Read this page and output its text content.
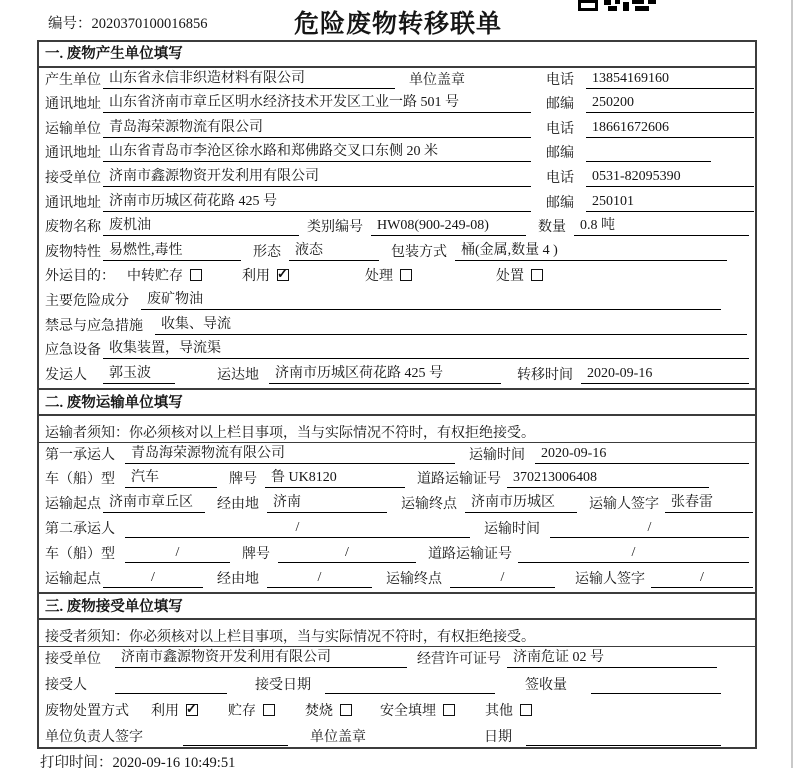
编号：2020370100016856	危险废物转移联单
一. 废物产生单位填写
产生单位 山东省永信非织造材料有限公司	单位盖章	电话	13854169160
通讯地址 山东省济南市章丘区明水经济技术开发区工业一路 501 号	邮编	250200
运输单位 青岛海荣源物流有限公司	电话	18661672606
通讯地址 山东省青岛市李沧区徐水路和郑佛路交叉口东侧 20 米	邮编
接受单位 济南市鑫源物资开发利用有限公司	电话	0531-82095390
通讯地址 济南市历城区荷花路 425 号	邮编	250101
废物名称 废机油	类别编号	HW08(900-249-08)	数量	0.8 吨
废物特性 易燃性,毒性	形态	液态	包装方式	桶(金属,数量 4 )
外运目的： 中转贮存	利用 ✓	处理	处置
主要危险成分	废矿物油
禁忌与应急措施	收集、导流
应急设备 收集装置，导流渠
发运人	郭玉波	运达地	济南市历城区荷花路 425 号	转移时间	2020-09-16
二. 废物运输单位填写
运输者须知：你必须核对以上栏目事项，当与实际情况不符时，有权拒绝接受。
第一承运人	青岛海荣源物流有限公司	运输时间	2020-09-16
车（船）型	汽车	牌号	鲁 UK8120	道路运输证号 370213006408
运输起点 济南市章丘区	经由地	济南	运输终点	济南市历城区	运输人签字 张春雷
第二承运人	/	运输时间	/
车（船）型	/	牌号	/	道路运输证号	/
运输起点	/	经由地	/	运输终点	/	运输人签字	/
三. 废物接受单位填写
接受者须知：你必须核对以上栏目事项，当与实际情况不符时，有权拒绝接受。
接受单位	济南市鑫源物资开发利用有限公司	经营许可证号 济南危证 02 号
接受人	接受日期	签收量
废物处置方式 利用 ✓	贮存	焚烧	安全填埋	其他
单位负责人签字	单位盖章	日期
打印时间：2020-09-16 10:49:51
